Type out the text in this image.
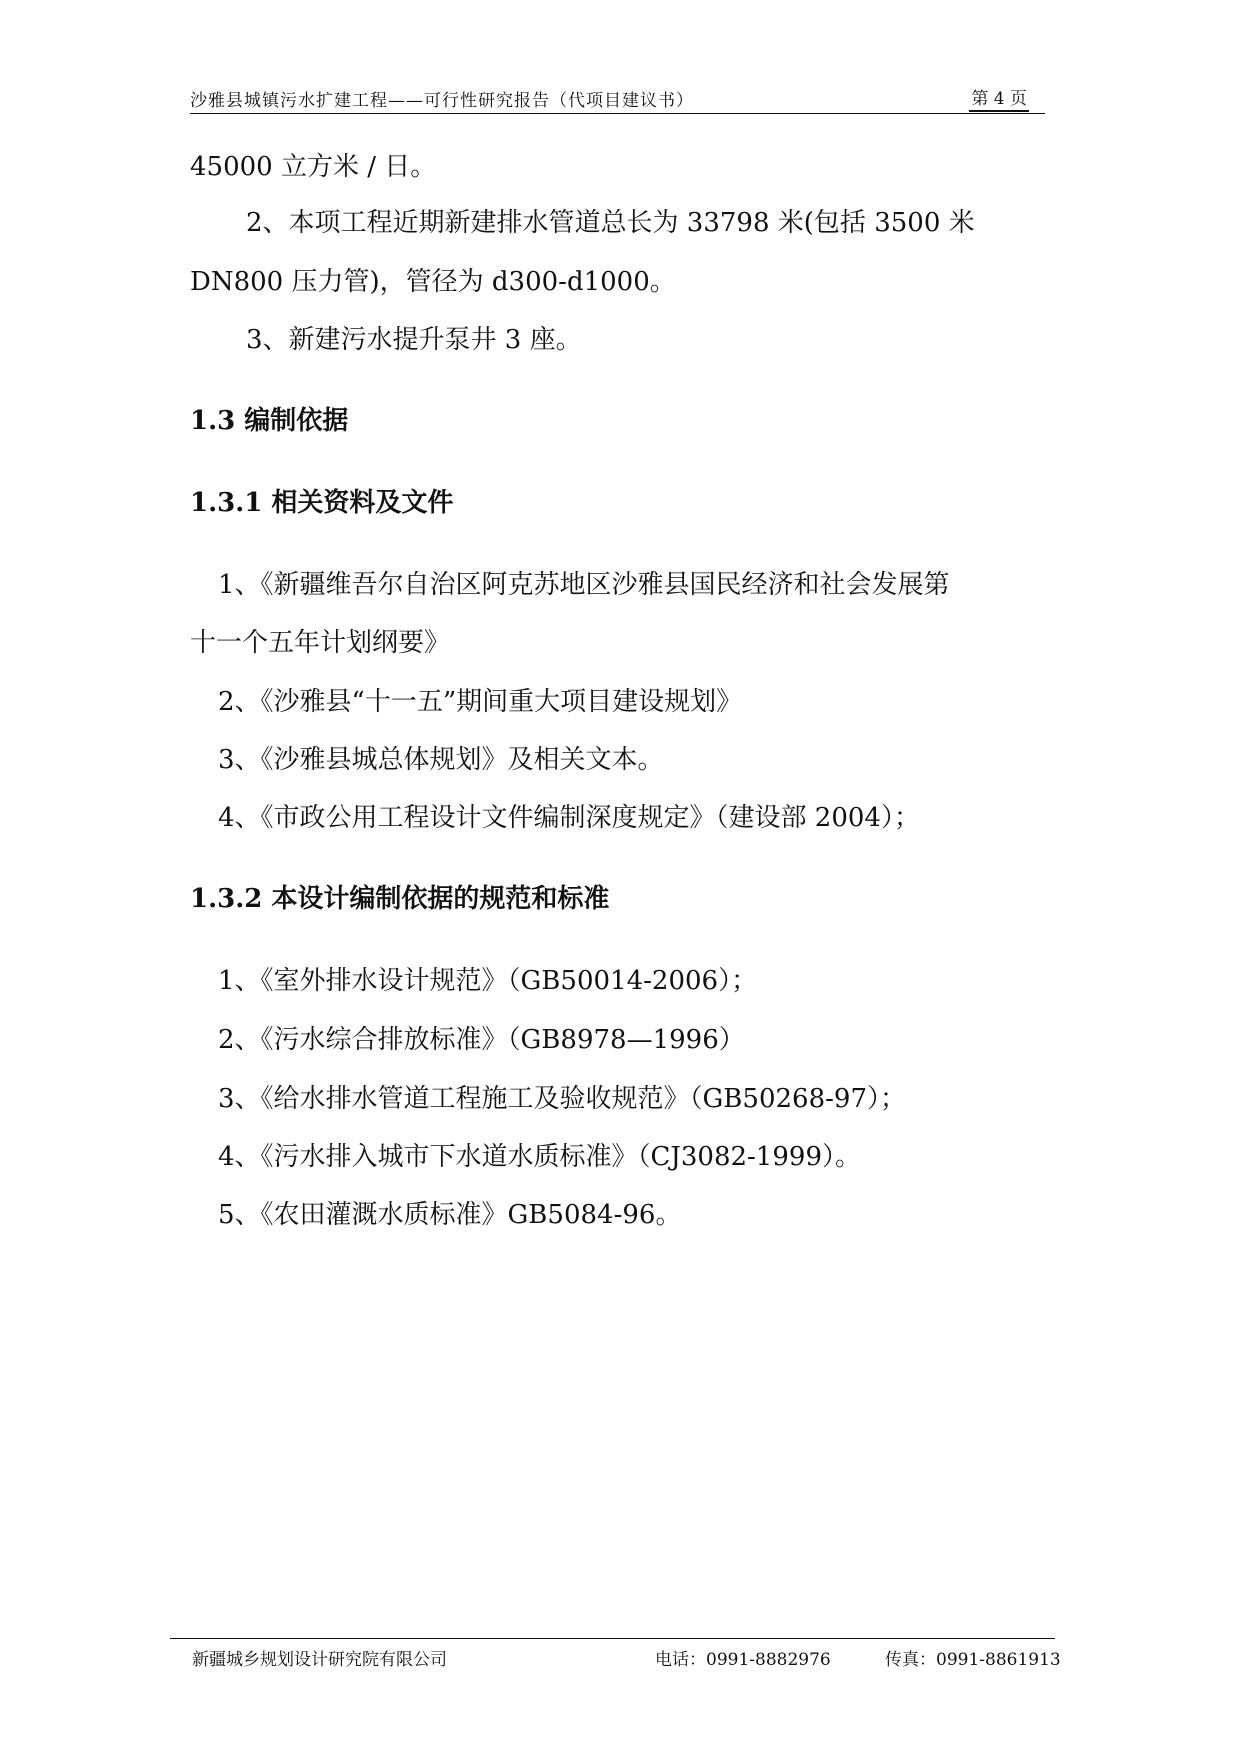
沙雅县城镇污水扩建工程——可行性研究报告（代项目建议书）	第 4 页
45000 立方米 / 日。
2、本项工程近期新建排水管道总长为 33798 米(包括 3500 米
DN800 压力管)，管径为 d300-d1000。
3、新建污水提升泵井 3 座。
1.3 编制依据
1.3.1 相关资料及文件
1、《新疆维吾尔自治区阿克苏地区沙雅县国民经济和社会发展第
十一个五年计划纲要》
2、《沙雅县“十一五”期间重大项目建设规划》
3、《沙雅县城总体规划》及相关文本。
4、《市政公用工程设计文件编制深度规定》（建设部 2004）；
1.3.2 本设计编制依据的规范和标准
1、《室外排水设计规范》（GB50014-2006）；
2、《污水综合排放标准》（GB8978—1996）
3、《给水排水管道工程施工及验收规范》（GB50268-97）；
4、《污水排入城市下水道水质标准》（CJ3082-1999）。
5、《农田灌溉水质标准》GB5084-96。
新疆城乡规划设计研究院有限公司	电话：0991-8882976	传真：0991-8861913
